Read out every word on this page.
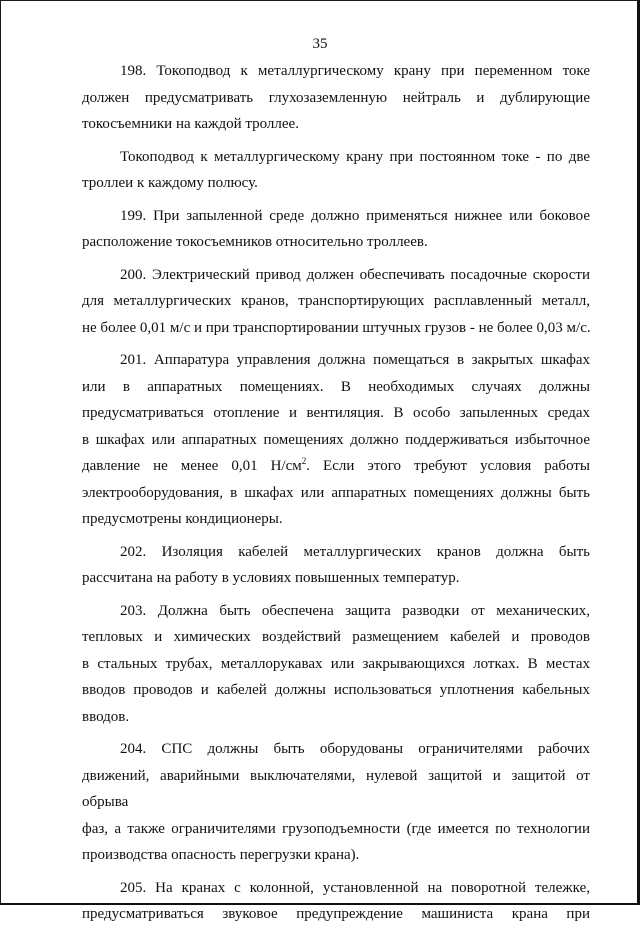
35
198. Токоподвод к металлургическому крану при переменном токе
должен предусматривать глухозаземленную нейтраль и дублирующие
токосъемники на каждой троллее.
Токоподвод к металлургическому крану при постоянном токе - по две
троллеи к каждому полюсу.
199. При запыленной среде должно применяться нижнее или боковое
расположение токосъемников относительно троллеев.
200. Электрический привод должен обеспечивать посадочные скорости
для металлургических кранов, транспортирующих расплавленный металл,
не более 0,01 м/с и при транспортировании штучных грузов - не более 0,03 м/с.
201. Аппаратура управления должна помещаться в закрытых шкафах
или в аппаратных помещениях. В необходимых случаях должны
предусматриваться отопление и вентиляция. В особо запыленных средах
в шкафах или аппаратных помещениях должно поддерживаться избыточное
давление не менее 0,01 $Н/см^2$. Если этого требуют условия работы
электрооборудования, в шкафах или аппаратных помещениях должны быть
предусмотрены кондиционеры.
202. Изоляция кабелей металлургических кранов должна быть
рассчитана на работу в условиях повышенных температур.
203. Должна быть обеспечена защита разводки от механических,
тепловых и химических воздействий размещением кабелей и проводов
в стальных трубах, металлорукавах или закрывающихся лотках. В местах
вводов проводов и кабелей должны использоваться уплотнения кабельных
вводов.
204. СПС должны быть оборудованы ограничителями рабочих
движений, аварийными выключателями, нулевой защитой и защитой от обрыва
фаз, а также ограничителями грузоподъемности (где имеется по технологии
производства опасность перегрузки крана).
205. На кранах с колонной, установленной на поворотной тележке,
предусматриваться звуковое предупреждение машиниста крана при
